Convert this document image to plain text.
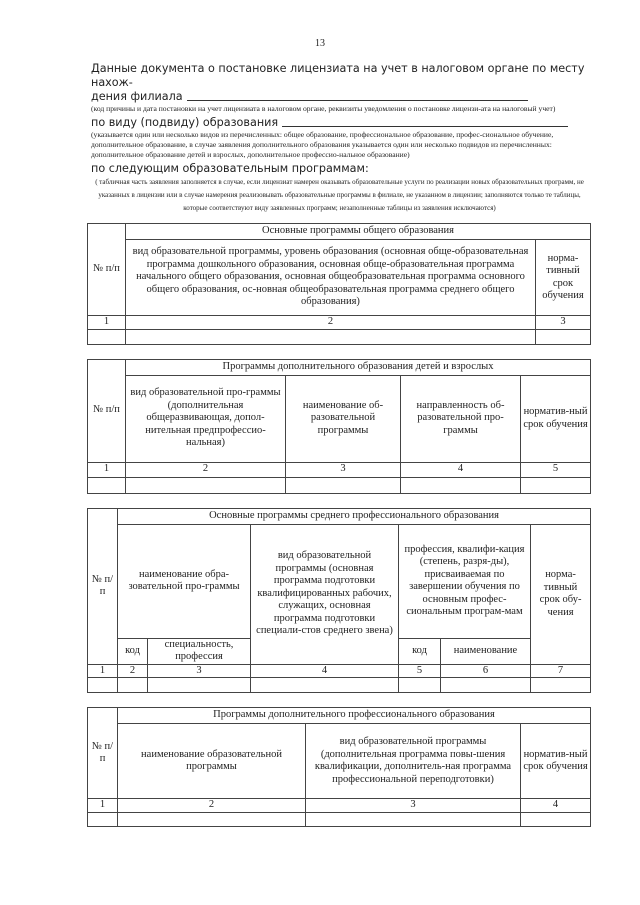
13
Данные документа о постановке лицензиата на учет в налоговом органе по месту нахож-
дения филиала
(код причины и дата постановки на учет лицензиата в налоговом органе, реквизиты уведомления о постановке лицензи-ата на налоговый учет)
по виду (подвиду) образования
(указывается один или несколько видов из перечисленных: общее образование, профессиональное образование, профес-сиональное обучение, дополнительное образование, в случае заявления дополнительного образования указывается один или несколько подвидов из перечисленных: дополнительное образование детей и взрослых, дополнительное профессио-нальное образование)
по следующим образовательным программам:
( табличная часть заявления заполняется в случае, если лицензиат намерен оказывать образовательные услуги по реализации новых образовательных программ, не указанных в лицензии или в случае намерения реализовывать образовательные программы в филиале, не указанном в лицензии; заполняются только те таблицы, которые соответствуют виду заявленных программ; незаполненные таблицы из заявления исключаются)
№ п/п	Основные программы общего образования	
	вид образовательной программы, уровень образования (основная обще-образовательная программа дошкольного образования, основная обще-образовательная программа начального общего образования, основная общеобразовательная программа основного общего образования, ос-новная общеобразовательная программа среднего общего образования)	норма-тивный срок обучения
1	2	3

№ п/п	Программы дополнительного образования детей и взрослых			
	вид образовательной про-граммы (дополнительная общеразвивающая, допол-нительная предпрофессио-нальная)	наименование об-разовательной программы	направленность об-разовательной про-граммы	норматив-ный срок обучения
1	2	3	4	5

№ п/п	Основные программы среднего профессионального образования					
	наименование обра-зовательной про-граммы		вид образовательной программы (основная программа подготовки квалифицированных рабочих, служащих, основная программа подготовки специали-стов среднего звена)	профессия, квалифи-кация (степень, разря-ды), присваиваемая по завершении обучения по основным профес-сиональным програм-мам		норма-тивный срок обу-чения
	код	специальность, профессия		код	наименование	
1	2	3	4	5	6	7

№ п/п	Программы дополнительного профессионального образования		
	наименование образовательной программы	вид образовательной программы (дополнительная программа повы-шения квалификации, дополнитель-ная программа профессиональной переподготовки)	норматив-ный срок обучения
1	2	3	4
